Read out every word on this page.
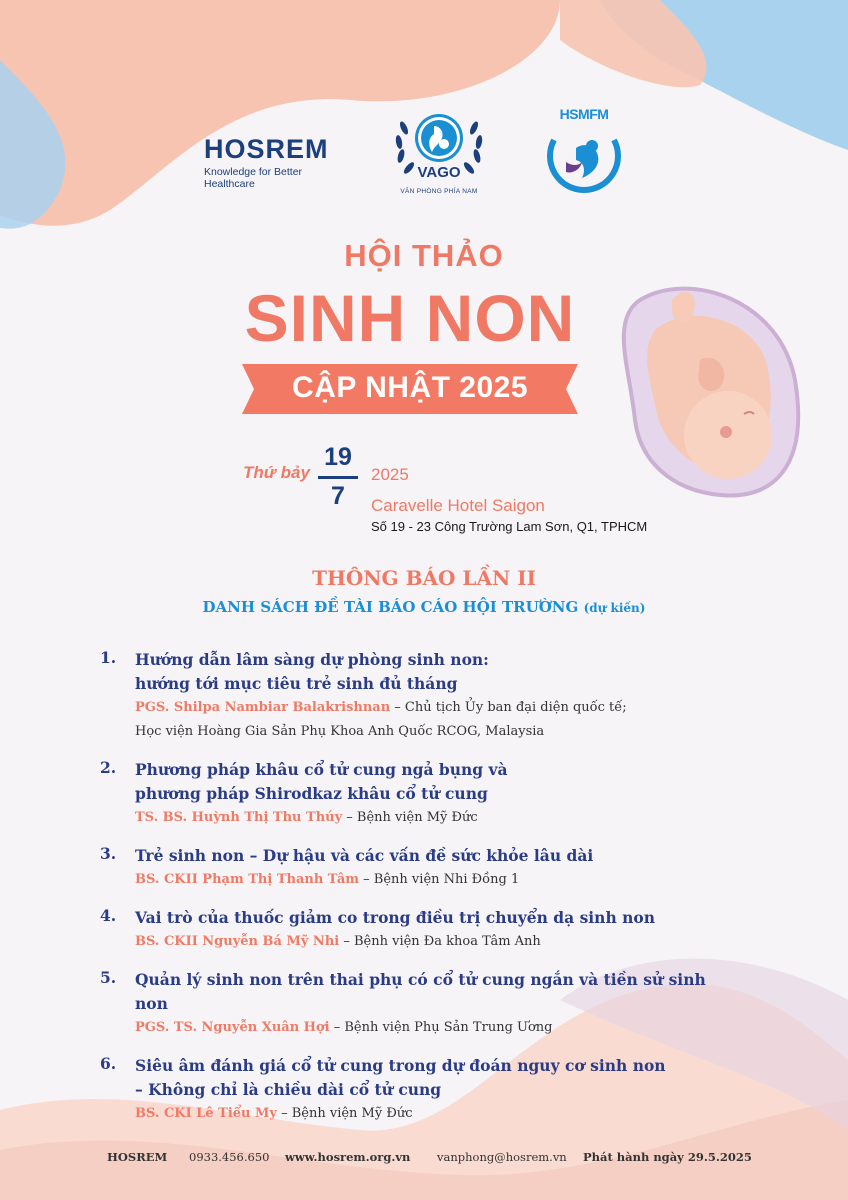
HOSREM
Knowledge for Better Healthcare
VAGO
VĂN PHÒNG PHÍA NAM
HSMFM
HỘI THẢO
SINH NON
CẬP NHẬT 2025
Thứ bảy
19
7
2025
Caravelle Hotel Saigon
Số 19 - 23 Công Trường Lam Sơn, Q1, TPHCM
THÔNG BÁO LẦN II
DANH SÁCH ĐỀ TÀI BÁO CÁO HỘI TRƯỜNG (dự kiến)
1. Hướng dẫn lâm sàng dự phòng sinh non:
hướng tới mục tiêu trẻ sinh đủ tháng
PGS. Shilpa Nambiar Balakrishnan – Chủ tịch Ủy ban đại diện quốc tế;
Học viện Hoàng Gia Sản Phụ Khoa Anh Quốc RCOG, Malaysia
2. Phương pháp khâu cổ tử cung ngả bụng và
phương pháp Shirodkaz khâu cổ tử cung
TS. BS. Huỳnh Thị Thu Thúy – Bệnh viện Mỹ Đức
3. Trẻ sinh non – Dự hậu và các vấn đề sức khỏe lâu dài
BS. CKII Phạm Thị Thanh Tâm – Bệnh viện Nhi Đồng 1
4. Vai trò của thuốc giảm co trong điều trị chuyển dạ sinh non
BS. CKII Nguyễn Bá Mỹ Nhi – Bệnh viện Đa khoa Tâm Anh
5. Quản lý sinh non trên thai phụ có cổ tử cung ngắn và tiền sử sinh non
PGS. TS. Nguyễn Xuân Hợi – Bệnh viện Phụ Sản Trung Ương
6. Siêu âm đánh giá cổ tử cung trong dự đoán nguy cơ sinh non
– Không chỉ là chiều dài cổ tử cung
BS. CKI Lê Tiểu My – Bệnh viện Mỹ Đức
HOSREM 0933.456.650 www.hosrem.org.vn vanphong@hosrem.vn Phát hành ngày 29.5.2025
